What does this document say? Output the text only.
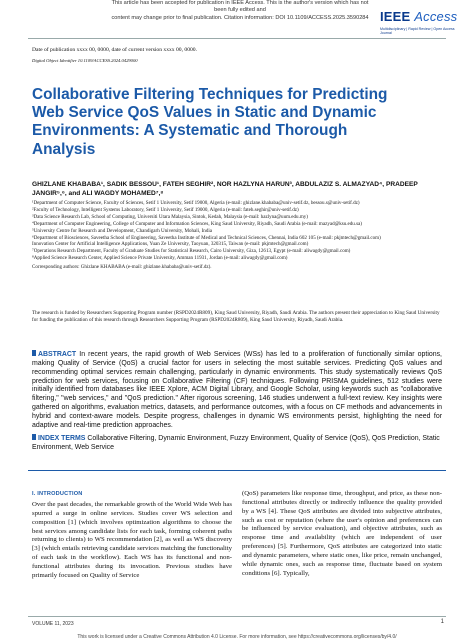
This article has been accepted for publication in IEEE Access. This is the author's version which has not been fully edited and
content may change prior to final publication. Citation information: DOI 10.1109/ACCESS.2025.3590284 IEEE Access
Multidisciplinary | Rapid Review | Open Access Journal
Date of publication xxxx 00, 0000, date of current version xxxx 00, 0000.
Digital Object Identifier 10.1109/ACCESS.2024.0429000
Collaborative Filtering Techniques for Predicting Web Service QoS Values in Static and Dynamic Environments: A Systematic and Thorough Analysis
GHIZLANE KHABABA¹, SADIK BESSOU¹, FATEH SEGHIR², NOR HAZLYNA HARUN³, ABDULAZIZ S. ALMAZYAD⁴, PRADEEP JANGIR⁵,⁶, and ALI WAGDY MOHAMED⁷,⁸
¹Department of Computer Science, Faculty of Sciences, Setif 1 University, Setif 19000, Algeria (e-mail: ghizlane.khababa@univ-setif.dz, bessou.s@univ-setif.dz)
²Faculty of Technology, Intelligent Systems Laboratory, Setif 1 University, Setif 19000, Algeria (e-mail: fateh.seghir@univ-setif.dz)
³Data Science Research Lab, School of Computing, Universiti Utara Malaysia, Sintok, Kedah, Malaysia (e-mail: hazlyna@uum.edu.my)
⁴Department of Computer Engineering, College of Computer and Information Sciences, King Saud University, Riyadh, Saudi Arabia (e-mail: mazyad@ksu.edu.sa)
⁵University Centre for Research and Development, Chandigarh University, Mohali, India
⁶Department of Biosciences, Saveetha School of Engineering, Saveetha Institute of Medical and Technical Sciences, Chennai, India 602 105 (e-mail: pkjmtech@gmail.com)
Innovation Center for Artificial Intelligence Applications, Yuan Ze University, Taoyuan, 320315, Taiwan (e-mail: pkjmtech@gmail.com)
⁷Operations Research Department, Faculty of Graduate Studies for Statistical Research, Cairo University, Giza, 12613, Egypt (e-mail: aliwagdy@gmail.com)
⁸Applied Science Research Center, Applied Science Private University, Amman 11931, Jordan (e-mail: aliwagdy@gmail.com)
Corresponding authors: Ghizlane KHABABA (e-mail: ghizlane.khababa@univ-setif.dz).
The research is funded by Researchers Supporting Program number (RSPD2024R809), King Saud University, Riyadh, Saudi Arabia. The authors present their appreciation to King Saud University for funding the publication of this research through Researchers Supporting Program (RSPD2024R809), King Saud University, Riyadh, Saudi Arabia.
ABSTRACT In recent years, the rapid growth of Web Services (WSs) has led to a proliferation of functionally similar options, making Quality of Service (QoS) a crucial factor for users in selecting the most suitable services. Predicting QoS values and recommending optimal services remain challenging, particularly in dynamic environments. This study systematically reviews QoS prediction for web services, focusing on Collaborative Filtering (CF) techniques. Following PRISMA guidelines, 512 studies were initially identified from databases like IEEE Xplore, ACM Digital Library, and Google Scholar, using keywords such as "collaborative filtering," "web services," and "QoS prediction." After rigorous screening, 146 studies underwent a full-text review. Key insights were gathered on algorithms, evaluation metrics, datasets, and performance outcomes, with a focus on CF methods and advancements in hybrid and context-aware models. Despite progress, challenges in dynamic WS environments persist, highlighting the need for adaptive and real-time prediction approaches.
INDEX TERMS Collaborative Filtering, Dynamic Environment, Fuzzy Environment, Quality of Service (QoS), QoS Prediction, Static Environment, Web Service
I. INTRODUCTION
Over the past decades, the remarkable growth of the World Wide Web has spurred a surge in online services. Studies cover WS selection and composition [1] (which involves optimization algorithms to choose the best services among candidate lists for each task, forming coherent paths returning to clients) to WS recommendation [2], as well as WS discovery [3] (which entails retrieving candidate services matching the functionality of each task in the workflow). Each WS has its functional and non-functional attributes during its invocation. Previous studies have primarily focused on Quality of Service
(QoS) parameters like response time, throughput, and price, as these non-functional attributes directly or indirectly influence the quality provided by a WS [4]. These QoS attributes are divided into subjective attributes, such as cost or reputation (where the user's opinion and preferences can be influenced by service evaluation), and objective attributes, such as response time and availability (which are independent of user preferences) [5]. Furthermore, QoS attributes are categorized into static and dynamic parameters, where static ones, like price, remain unchanged, while dynamic ones, such as response time, fluctuate based on system conditions [6]. Typically,
VOLUME 11, 2023	1
This work is licensed under a Creative Commons Attribution 4.0 License. For more information, see https://creativecommons.org/licenses/by/4.0/
